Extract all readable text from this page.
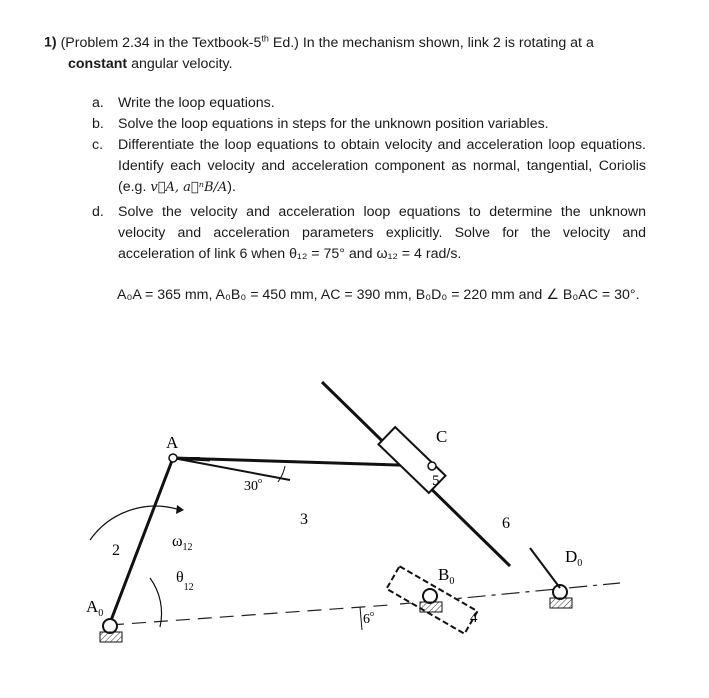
1) (Problem 2.34 in the Textbook-5th Ed.) In the mechanism shown, link 2 is rotating at a
constant angular velocity.
a. Write the loop equations.
b. Solve the loop equations in steps for the unknown position variables.
c. Differentiate the loop equations to obtain velocity and acceleration loop equations. Identify each velocity and acceleration component as normal, tangential, Coriolis (e.g. v⃗A, a⃗ⁿB/A).
d. Solve the velocity and acceleration loop equations to determine the unknown velocity and acceleration parameters explicitly. Solve for the velocity and acceleration of link 6 when θ₁₂ = 75° and ω₁₂ = 4 rad/s.
A₀A = 365 mm, A₀B₀ = 450 mm, AC = 390 mm, B₀D₀ = 220 mm and ∠ B₀AC = 30°.
A	C
$A_0$
$B_0$
$D_0$
2
3
4
5
6
$\omega_{12}$
$\theta_{12}$
30$^o$
6$^o$
